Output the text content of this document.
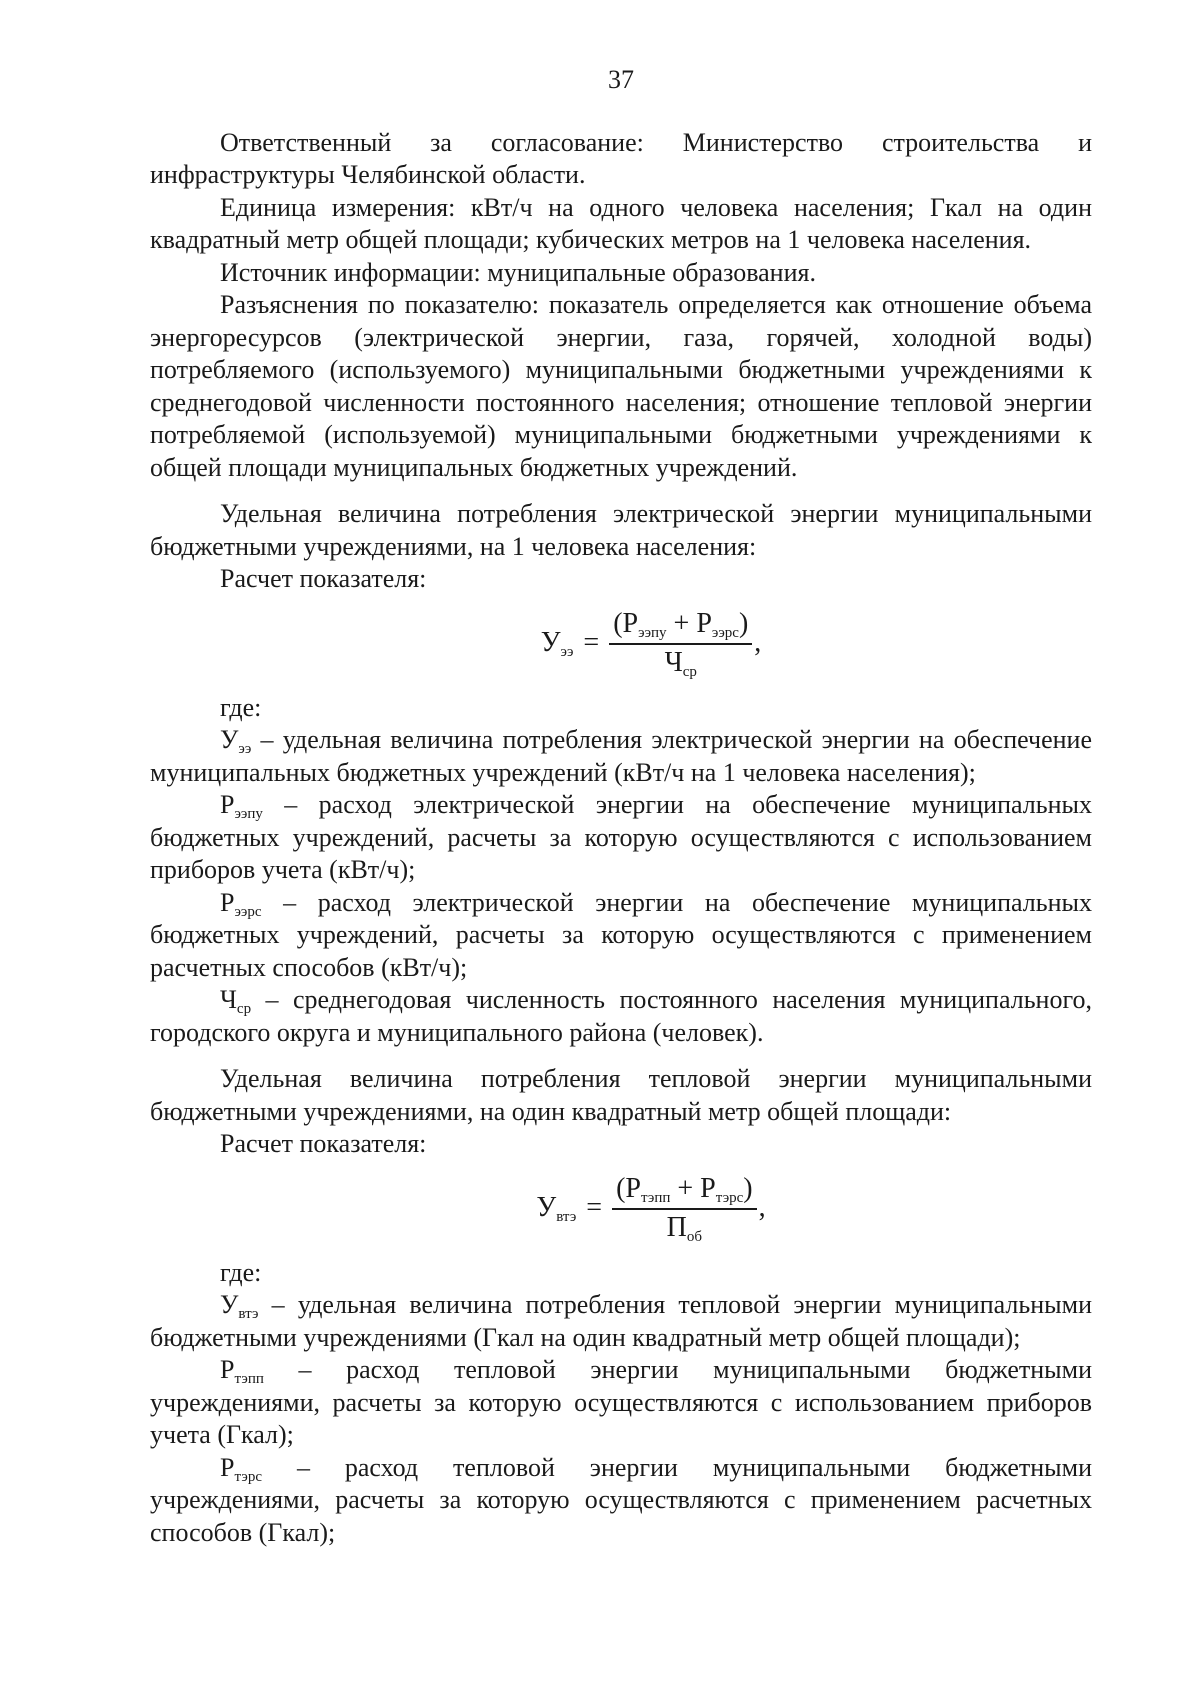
37

Ответственный за согласование: Министерство строительства и инфраструктуры Челябинской области.

Единица измерения: кВт/ч на одного человека населения; Гкал на один квадратный метр общей площади; кубических метров на 1 человека населения.

Источник информации: муниципальные образования.

Разъяснения по показателю: показатель определяется как отношение объема энергоресурсов (электрической энергии, газа, горячей, холодной воды) потребляемого (используемого) муниципальными бюджетными учреждениями к среднегодовой численности постоянного населения; отношение тепловой энергии потребляемой (используемой) муниципальными бюджетными учреждениями к общей площади муниципальных бюджетных учреждений.

Удельная величина потребления электрической энергии муниципальными бюджетными учреждениями, на 1 человека населения:

Расчет показателя:

$У_{ээ} = \frac{(Р_{ээпу} + Р_{ээрс})}{Ч_{ср}}$ ,

где:

$У_{ээ}$ – удельная величина потребления электрической энергии на обеспечение муниципальных бюджетных учреждений (кВт/ч на 1 человека населения);

$Р_{ээпу}$ – расход электрической энергии на обеспечение муниципальных бюджетных учреждений, расчеты за которую осуществляются с использованием приборов учета (кВт/ч);

$Р_{ээрс}$ – расход электрической энергии на обеспечение муниципальных бюджетных учреждений, расчеты за которую осуществляются с применением расчетных способов (кВт/ч);

$Ч_{ср}$ – среднегодовая численность постоянного населения муниципального, городского округа и муниципального района (человек).

Удельная величина потребления тепловой энергии муниципальными бюджетными учреждениями, на один квадратный метр общей площади:

Расчет показателя:

$У_{втэ} = \frac{(Р_{тэпп} + Р_{тэрс})}{П_{об}}$ ,

где:

$У_{втэ}$ – удельная величина потребления тепловой энергии муниципальными бюджетными учреждениями (Гкал на один квадратный метр общей площади);

$Р_{тэпп}$ – расход тепловой энергии муниципальными бюджетными учреждениями, расчеты за которую осуществляются с использованием приборов учета (Гкал);

$Р_{тэрс}$ – расход тепловой энергии муниципальными бюджетными учреждениями, расчеты за которую осуществляются с применением расчетных способов (Гкал);
